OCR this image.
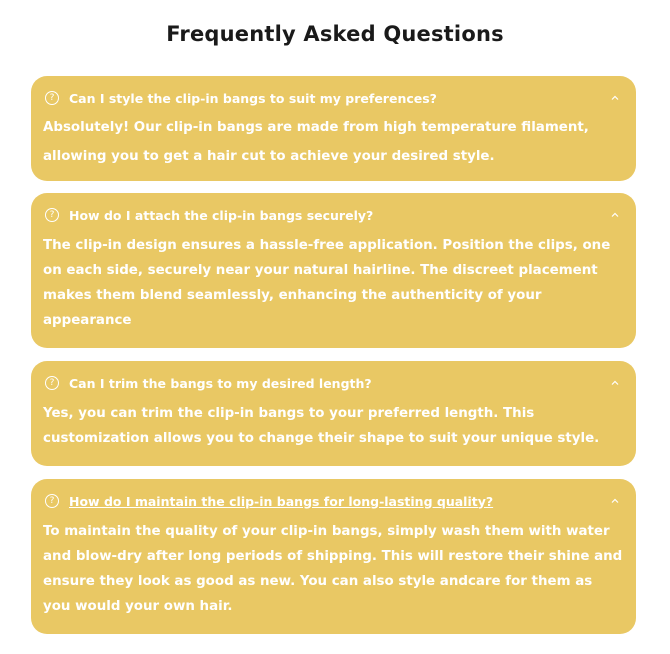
Frequently Asked Questions
?	Can I style the clip-in bangs to suit my preferences?
Absolutely! Our clip-in bangs are made from high temperature filament, allowing you to get a hair cut to achieve your desired style.
?	How do I attach the clip-in bangs securely?
The clip-in design ensures a hassle-free application. Position the clips, one on each side, securely near your natural hairline. The discreet placement makes them blend seamlessly, enhancing the authenticity of your appearance
?	Can I trim the bangs to my desired length?
Yes, you can trim the clip-in bangs to your preferred length. This customization allows you to change their shape to suit your unique style.
?	How do I maintain the clip-in bangs for long-lasting quality?
To maintain the quality of your clip-in bangs, simply wash them with water and blow-dry after long periods of shipping. This will restore their shine and ensure they look as good as new. You can also style andcare for them as you would your own hair.
